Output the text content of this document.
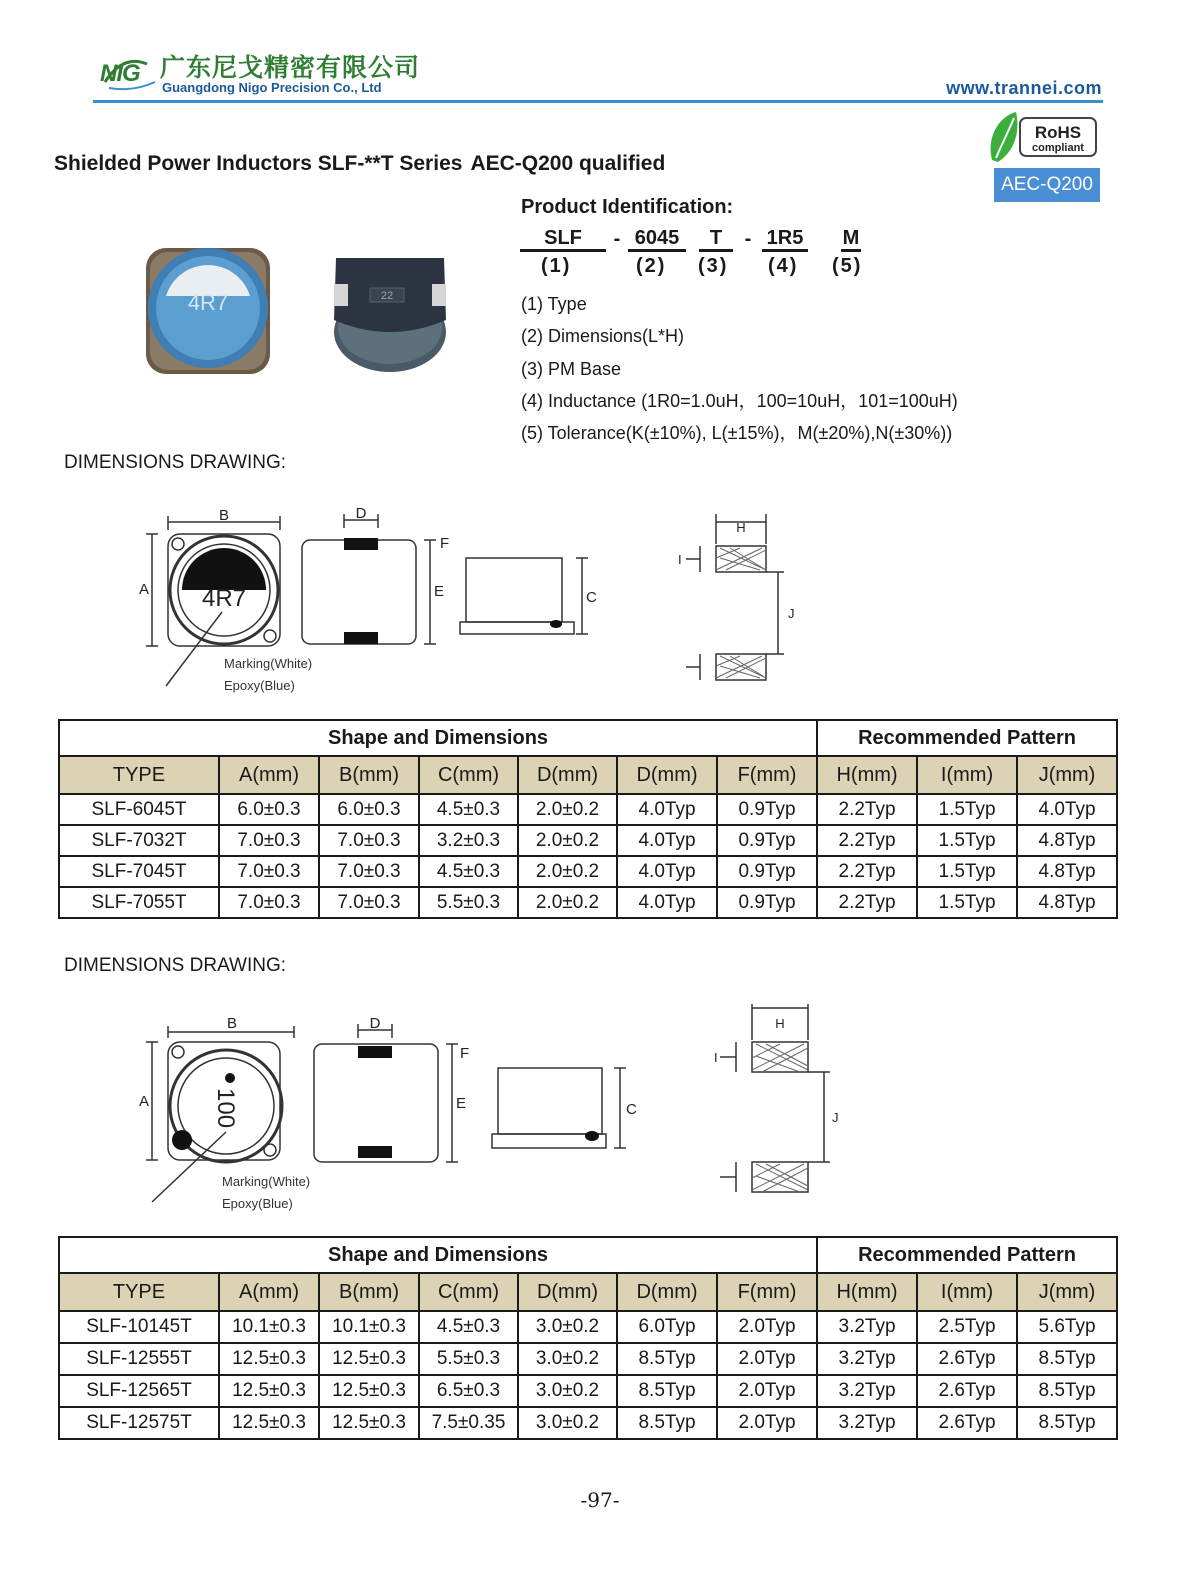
NIG 广东尼戈精密有限公司
Guangdong Nigo Precision Co., Ltd	www.trannei.com
RoHS
compliant
AEC-Q200
Shielded Power Inductors SLF-**T Series AEC-Q200 qualified
4R7	22
Product Identification:
SLF	- 6045	T	- 1R5 M
(1)	(2) (3) (4) (5)
(1) Type
(2) Dimensions(L*H)
(3) PM Base
(4) Inductance (1R0=1.0uH，100=10uH，101=100uH)
(5) Tolerance(K(±10%), L(±15%)，M(±20%),N(±30%))
DIMENSIONS DRAWING:
4R7
B
A
D
F
E	C
H
I
J
Marking(White)
Epoxy(Blue)
Shape and Dimensions							Recommended Pattern		
TYPE	A(mm)	B(mm)	C(mm)	D(mm)	D(mm)	F(mm)	H(mm)	I(mm)	J(mm)
SLF-6045T	6.0±0.3	6.0±0.3	4.5±0.3	2.0±0.2	4.0Typ	0.9Typ	2.2Typ	1.5Typ	4.0Typ
SLF-7032T	7.0±0.3	7.0±0.3	3.2±0.3	2.0±0.2	4.0Typ	0.9Typ	2.2Typ	1.5Typ	4.8Typ
SLF-7045T	7.0±0.3	7.0±0.3	4.5±0.3	2.0±0.2	4.0Typ	0.9Typ	2.2Typ	1.5Typ	4.8Typ
SLF-7055T	7.0±0.3	7.0±0.3	5.5±0.3	2.0±0.2	4.0Typ	0.9Typ	2.2Typ	1.5Typ	4.8Typ
DIMENSIONS DRAWING:
100
B
A
D
F
E	C
H
I
J
Marking(White)
Epoxy(Blue)
Shape and Dimensions							Recommended Pattern		
TYPE	A(mm)	B(mm)	C(mm)	D(mm)	D(mm)	F(mm)	H(mm)	I(mm)	J(mm)
SLF-10145T	10.1±0.3	10.1±0.3	4.5±0.3	3.0±0.2	6.0Typ	2.0Typ	3.2Typ	2.5Typ	5.6Typ
SLF-12555T	12.5±0.3	12.5±0.3	5.5±0.3	3.0±0.2	8.5Typ	2.0Typ	3.2Typ	2.6Typ	8.5Typ
SLF-12565T	12.5±0.3	12.5±0.3	6.5±0.3	3.0±0.2	8.5Typ	2.0Typ	3.2Typ	2.6Typ	8.5Typ
SLF-12575T	12.5±0.3	12.5±0.3	7.5±0.35	3.0±0.2	8.5Typ	2.0Typ	3.2Typ	2.6Typ	8.5Typ
-97-
